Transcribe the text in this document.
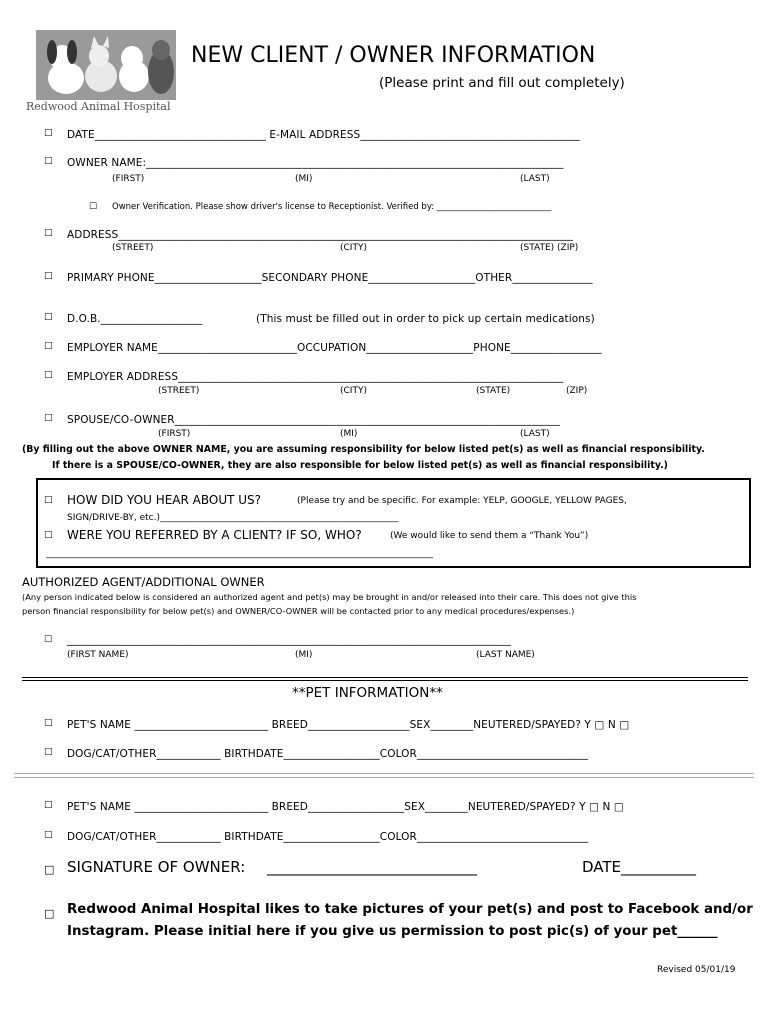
Redwood Animal Hospital
NEW CLIENT / OWNER INFORMATION
(Please print and fill out completely)
□ DATE________________________________ E-MAIL ADDRESS_________________________________________
□ OWNER NAME:______________________________________________________________________________
(FIRST)	(MI)	(LAST)
□ Owner Verification. Please show driver's license to Receptionist. Verified by: ___________________________
□ ADDRESS_____________________________________________________________________________________
(STREET)	(CITY)	(STATE) (ZIP)
□ PRIMARY PHONE____________________SECONDARY PHONE____________________OTHER_______________
□ D.O.B.___________________	(This must be filled out in order to pick up certain medications)
□ EMPLOYER NAME__________________________OCCUPATION____________________PHONE_________________
□ EMPLOYER ADDRESS________________________________________________________________________
(STREET)	(CITY)	(STATE)	(ZIP)
□ SPOUSE/CO-OWNER________________________________________________________________________
(FIRST)	(MI)	(LAST)
(By filling out the above OWNER NAME, you are assuming responsibility for below listed pet(s) as well as financial responsibility.
If there is a SPOUSE/CO-OWNER, they are also responsible for below listed pet(s) as well as financial responsibility.)
□ HOW DID YOU HEAR ABOUT US?	(Please try and be specific. For example: YELP, GOOGLE, YELLOW PAGES,
SIGN/DRIVE-BY, etc.)_____________________________________________________
□ WERE YOU REFERRED BY A CLIENT? IF SO, WHO?	(We would like to send them a “Thank You”)
______________________________________________________________________________________
AUTHORIZED AGENT/ADDITIONAL OWNER
(Any person indicated below is considered an authorized agent and pet(s) may be brought in and/or released into their care. This does not give this
person financial responsibility for below pet(s) and OWNER/CO-OWNER will be contacted prior to any medical procedures/expenses.)
□ ___________________________________________________________________________________
(FIRST NAME)	(MI)	(LAST NAME)
**PET INFORMATION**
□ PET'S NAME _________________________ BREED___________________SEX________NEUTERED/SPAYED? Y □ N □
□ DOG/CAT/OTHER____________ BIRTHDATE__________________COLOR________________________________
□ PET'S NAME _________________________ BREED__________________SEX________NEUTERED/SPAYED? Y □ N □
□ DOG/CAT/OTHER____________ BIRTHDATE__________________COLOR________________________________
□ SIGNATURE OF OWNER: ____________________________	DATE__________
□ Redwood Animal Hospital likes to take pictures of your pet(s) and post to Facebook and/or
Instagram. Please initial here if you give us permission to post pic(s) of your pet______
Revised 05/01/19
